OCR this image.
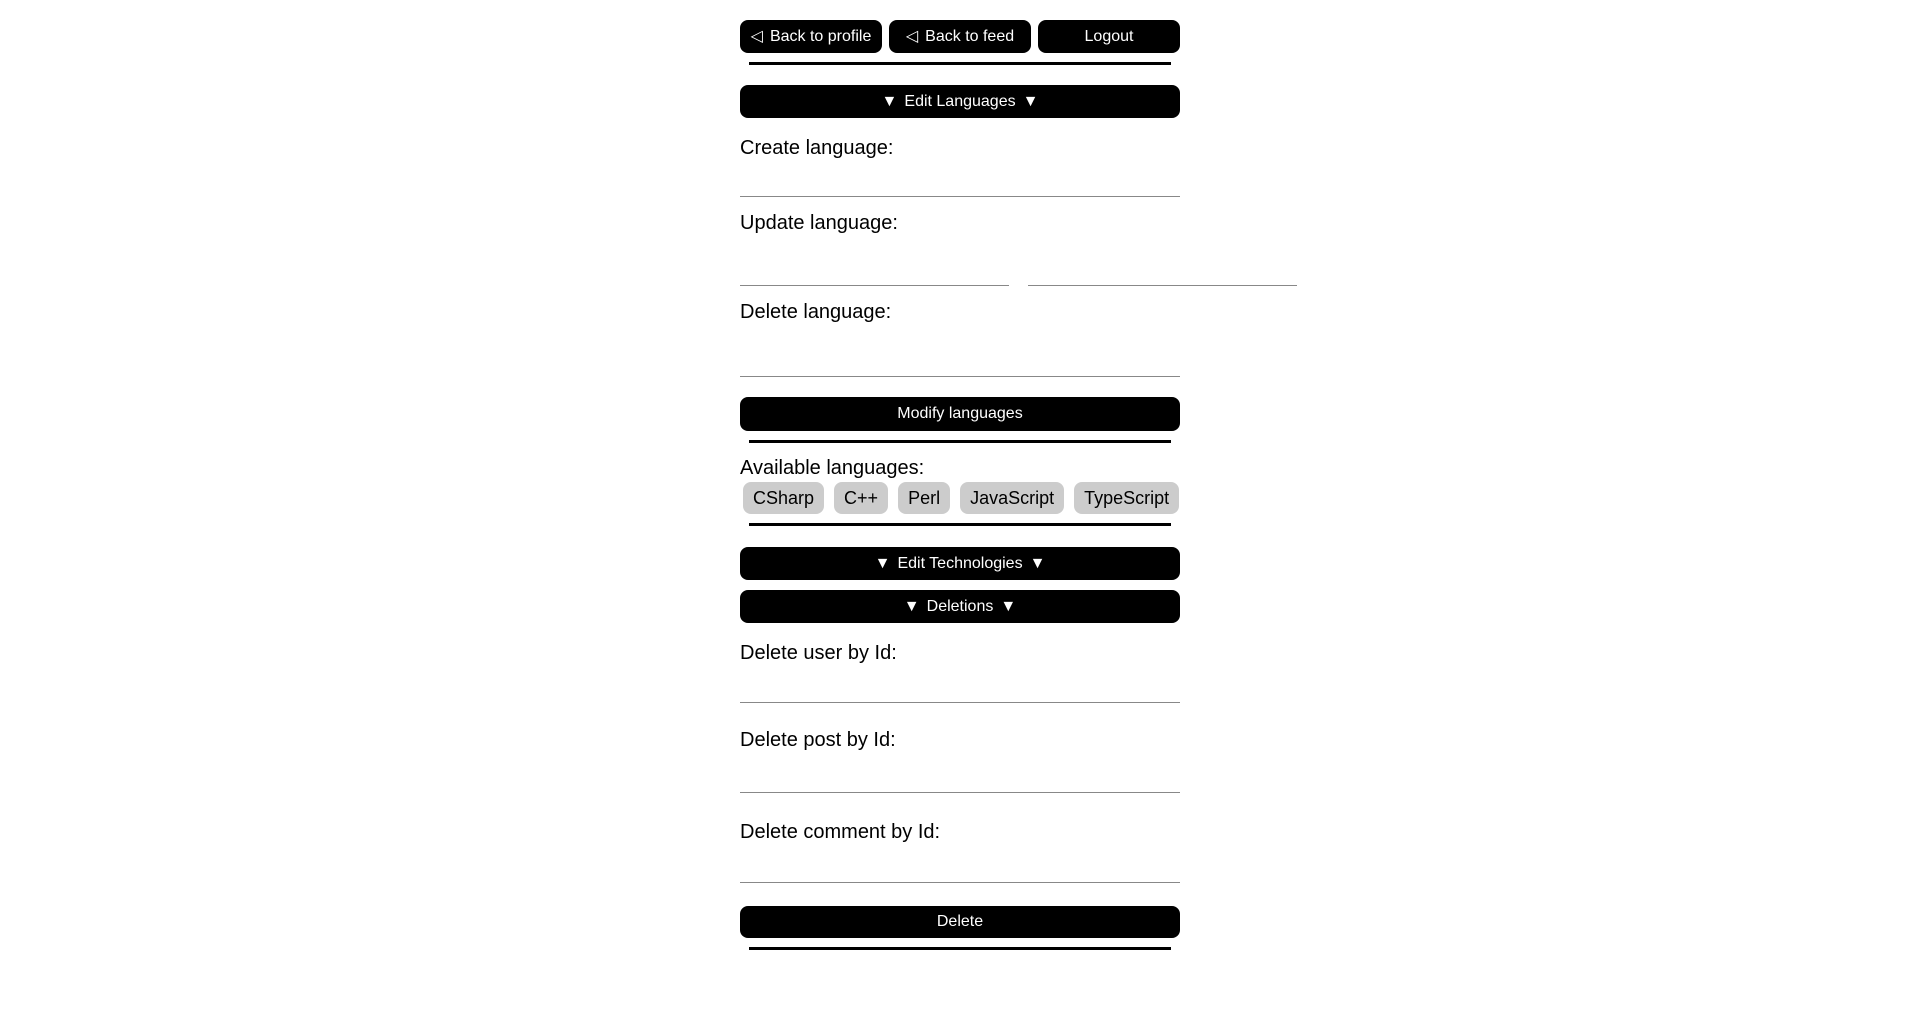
◁ Back to profile ◁ Back to feed	Logout
▼ Edit Languages ▼
Create language:
Update language:
Delete language:
Modify languages
Available languages:
CSharp	C++	Perl	JavaScript	TypeScript
▼ Edit Technologies ▼
▼ Deletions ▼
Delete user by Id:
Delete post by Id:
Delete comment by Id:
Delete
